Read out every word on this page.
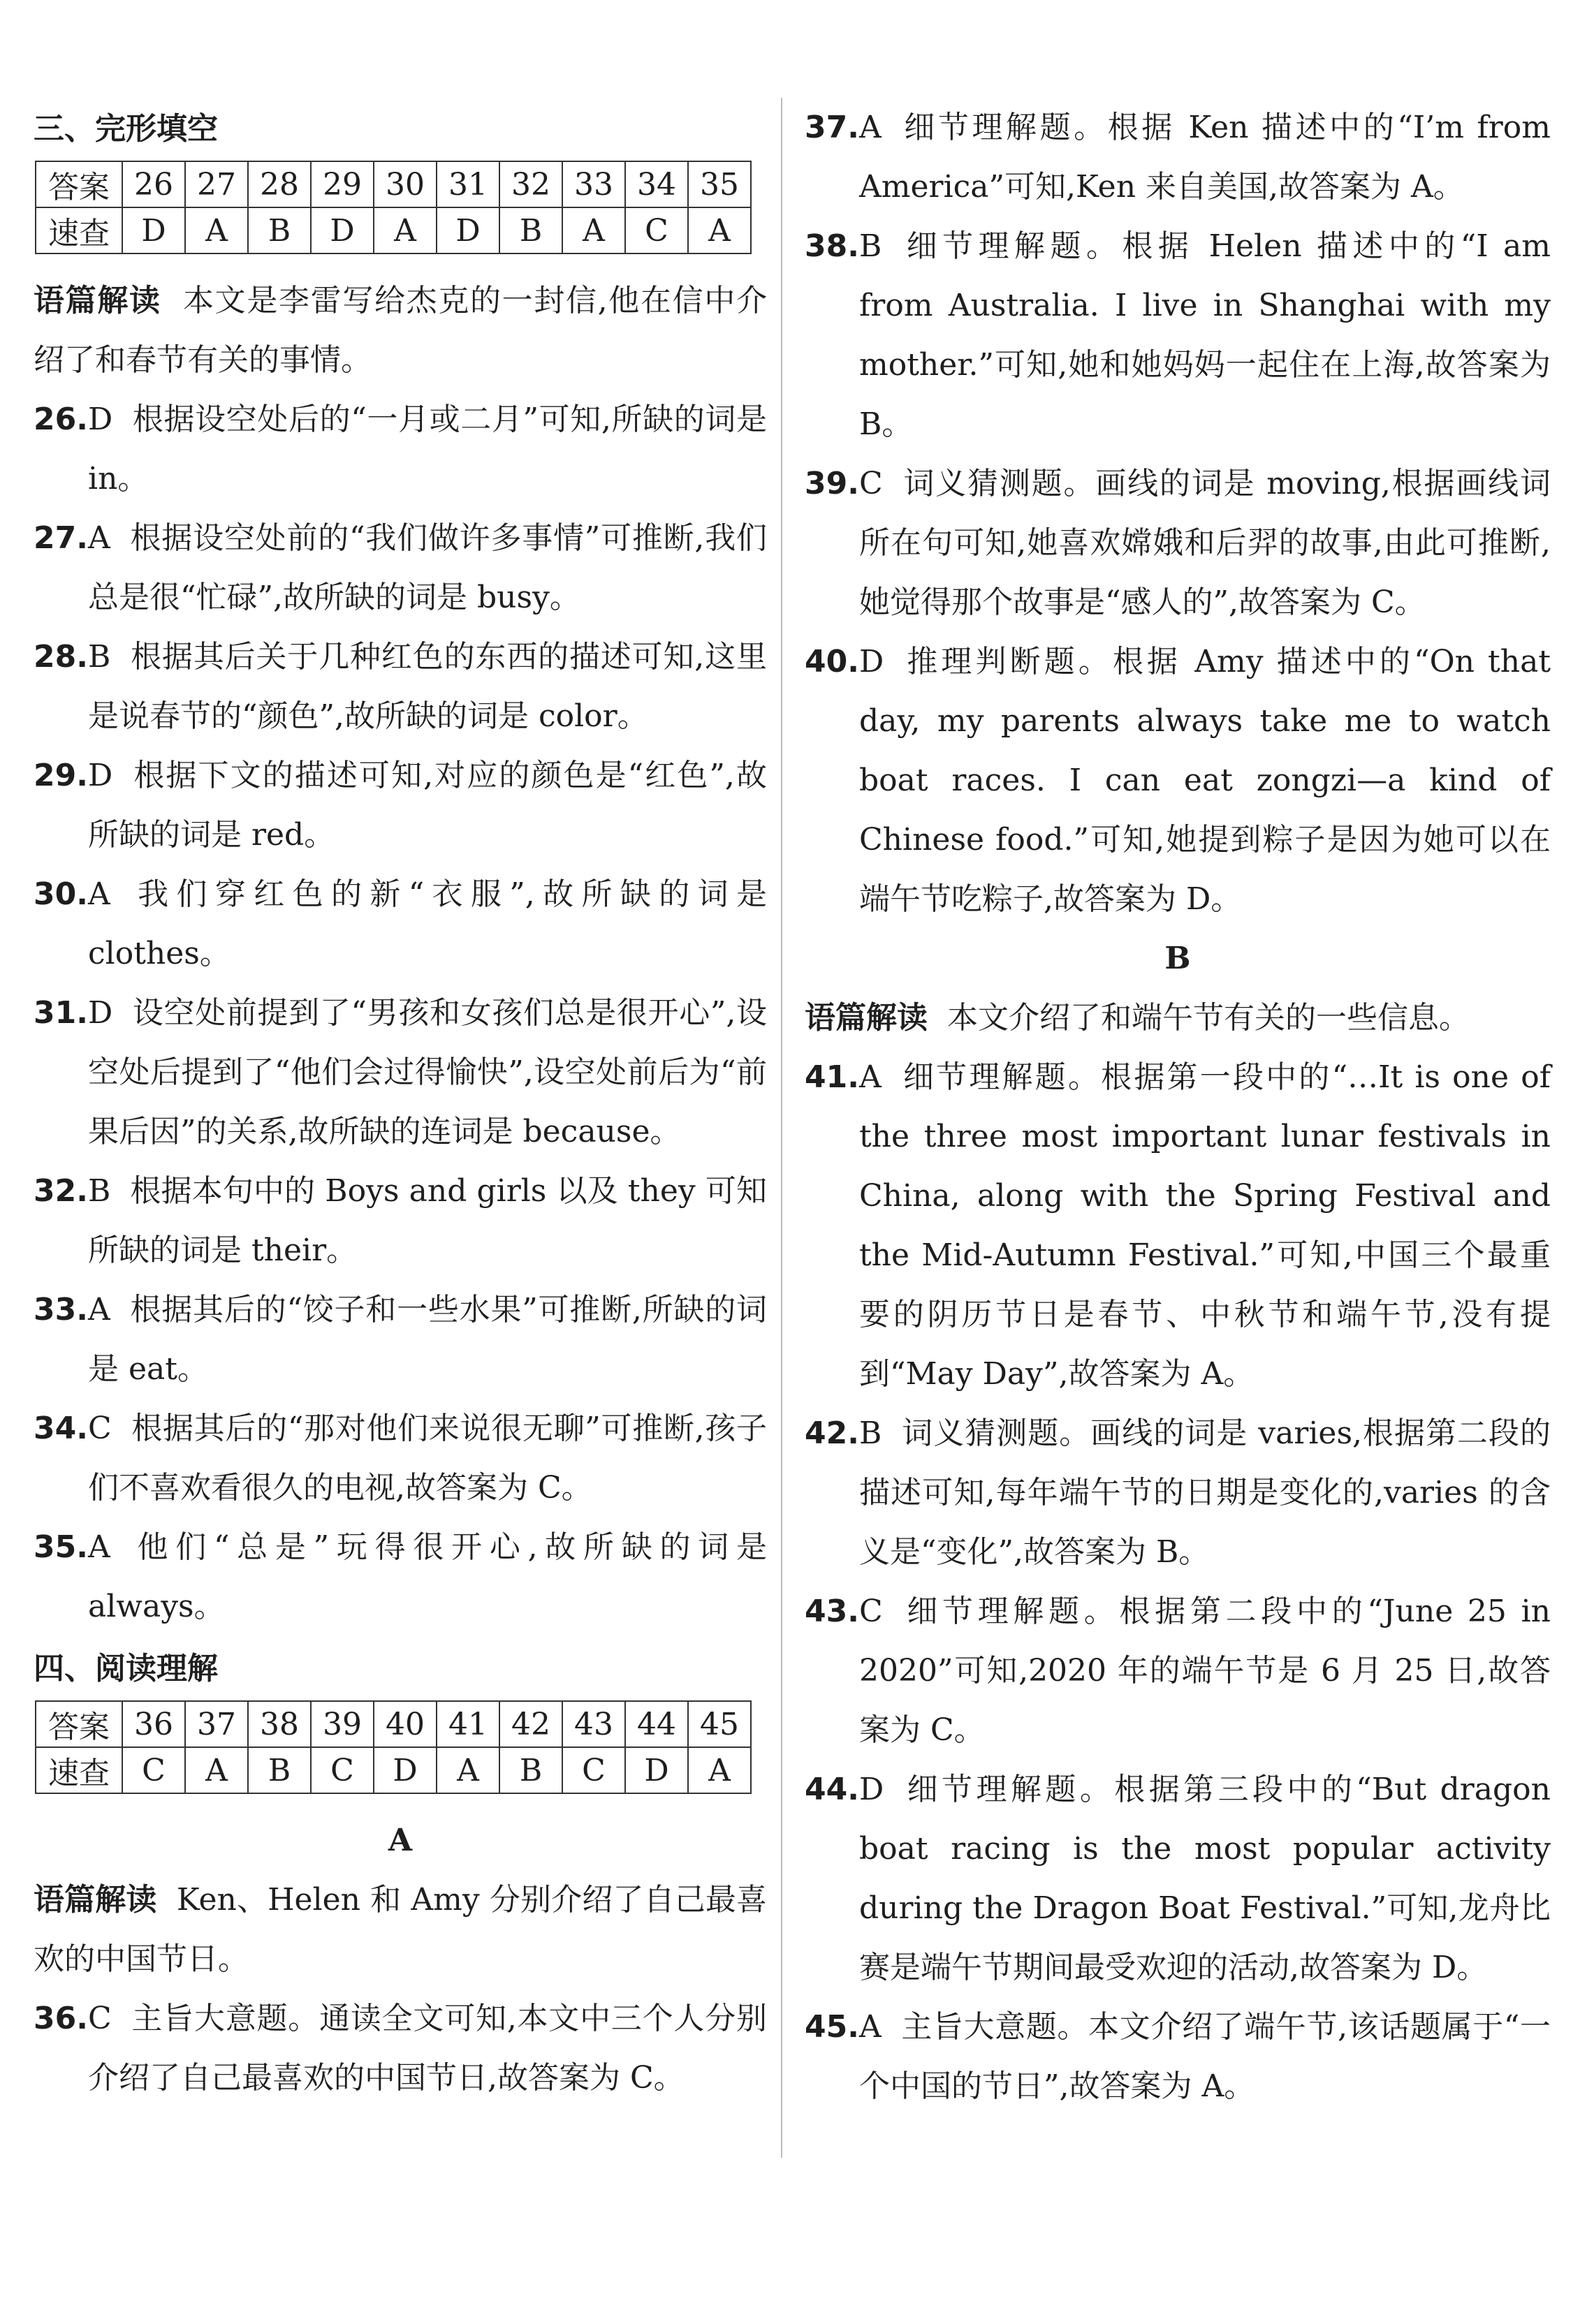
三、完形填空
答案	26	27	28	29	30	31	32	33	34	35
速查	D	A	B	D	A	D	B	A	C	A
语篇解读 本文是李雷写给杰克的一封信,他在信中介绍了和春节有关的事情。
26.D 根据设空处后的“一月或二月”可知,所缺的词是 in。
27.A 根据设空处前的“我们做许多事情”可推断,我们总是很“忙碌”,故所缺的词是 busy。
28.B 根据其后关于几种红色的东西的描述可知,这里是说春节的“颜色”,故所缺的词是 color。
29.D 根据下文的描述可知,对应的颜色是“红色”,故所缺的词是 red。
30.A 我们穿红色的新“衣服”,故所缺的词是 clothes。
31.D 设空处前提到了“男孩和女孩们总是很开心”,设空处后提到了“他们会过得愉快”,设空处前后为“前果后因”的关系,故所缺的连词是 because。
32.B 根据本句中的 Boys and girls 以及 they 可知所缺的词是 their。
33.A 根据其后的“饺子和一些水果”可推断,所缺的词是 eat。
34.C 根据其后的“那对他们来说很无聊”可推断,孩子们不喜欢看很久的电视,故答案为 C。
35.A 他们“总是”玩得很开心,故所缺的词是 always。
四、阅读理解
答案	36	37	38	39	40	41	42	43	44	45
速查	C	A	B	C	D	A	B	C	D	A
A
语篇解读 Ken、Helen 和 Amy 分别介绍了自己最喜欢的中国节日。
36.C 主旨大意题。通读全文可知,本文中三个人分别介绍了自己最喜欢的中国节日,故答案为 C。
37.A 细节理解题。根据 Ken 描述中的“I’m from America”可知,Ken 来自美国,故答案为 A。
38.B 细节理解题。根据 Helen 描述中的“I am from Australia. I live in Shanghai with my mother.”可知,她和她妈妈一起住在上海,故答案为 B。
39.C 词义猜测题。画线的词是 moving,根据画线词所在句可知,她喜欢嫦娥和后羿的故事,由此可推断,她觉得那个故事是“感人的”,故答案为 C。
40.D 推理判断题。根据 Amy 描述中的“On that day, my parents always take me to watch boat races. I can eat zongzi—a kind of Chinese food.”可知,她提到粽子是因为她可以在端午节吃粽子,故答案为 D。
B
语篇解读 本文介绍了和端午节有关的一些信息。
41.A 细节理解题。根据第一段中的“…It is one of the three most important lunar festivals in China, along with the Spring Festival and the Mid-Autumn Festival.”可知,中国三个最重要的阴历节日是春节、中秋节和端午节,没有提到“May Day”,故答案为 A。
42.B 词义猜测题。画线的词是 varies,根据第二段的描述可知,每年端午节的日期是变化的,varies 的含义是“变化”,故答案为 B。
43.C 细节理解题。根据第二段中的“June 25 in 2020”可知,2020 年的端午节是 6 月 25 日,故答案为 C。
44.D 细节理解题。根据第三段中的“But dragon boat racing is the most popular activity during the Dragon Boat Festival.”可知,龙舟比赛是端午节期间最受欢迎的活动,故答案为 D。
45.A 主旨大意题。本文介绍了端午节,该话题属于“一个中国的节日”,故答案为 A。
